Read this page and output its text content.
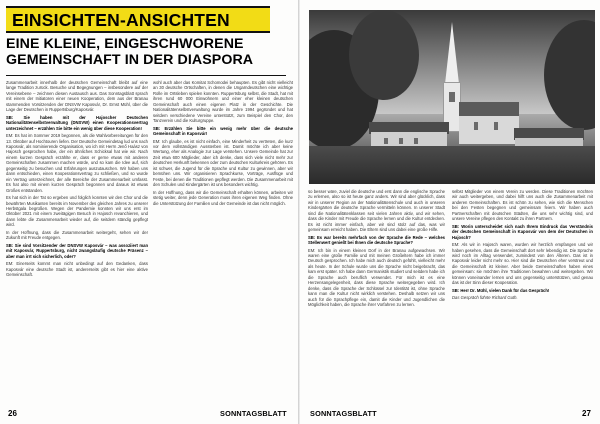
EINSICHTEN-ANSICHTEN
EINE KLEINE, EINGESCHWORENE
GEMEINSCHAFT IN DER DIASPORA

Zusammenarbeit innerhalb der deutschen Gemeinschaft bleibt auf eine lange Tradition zurück. Besuche und Begegnungen – insbesondere auf der Vereinsebene – zeichnen diesen Austausch aus. Das Sonntagsblatt sprach mit einem der Initiatoren einer neuen Kooperation, dem aus der Branau stammenden Vorsitzenden der DNSVW Kaposvár, Dr. Ernst Mühl, über die Lage der Deutschen in Ruppertsburg/Kaposvár.

SB: Sie haben mit der Hajoscher Deutschen Nationalitätenselbstverwaltung (DNSVW) einen Kooperationsvertrag unterzeichnet – erzählen Sie bitte ein wenig über diese Kooperation!

EM: Es hat im Sommer 2019 begonnen, als die Wahlvorbereitungen für den 13. Oktober auf Hochtouren liefen. Der Deutsche Gemeindetag lud uns nach Kaposvár, als nominierende Organisation, wo ich mit Herrn Jenő Haász von Hajosch gesprochen habe, der ein ähnliches Schicksal hat wie wir. Nach einem kurzen Gespräch erzählte er, dass er gerne etwas mit anderen Gemeinschaften zusammen machen würde, und so kam die Idee auf, sich gegenseitig zu besuchen und Erfahrungen auszutauschen. Wir haben uns dann entschieden, einen Kooperationsvertrag zu schließen, und so wurde ein Vertrag unterzeichnet, der alle Bereiche der Zusammenarbeit umfasst. Es hat also mit einem kurzen Gespräch begonnen und daraus ist etwas Großes entstanden.

Es hat sich in der Tat so ergeben und folglich konnten wir den Chor und die bewährten Musikanten bereits im November des gleichen Jahres zu unserer Herbstgala begrüßen. Wegen der Pandemie konnten wir uns erst im Oktober 2021 mit einem zweitägigen Besuch in Hajosch revanchieren, und dann lebte die Zusammenarbeit wieder auf, die seitdem ständig gepflegt wird.

In der Hoffnung, dass die Zusammenarbeit weitergeht, sehen wir der Zukunft mit Freude entgegen.

SB: Sie sind Vorsitzender der DNSVW Kaposvár – was assoziiert man mit Kaposvár, Ruppertsburg, nicht zwangsläufig deutsche Präsenz – aber man irrt sich sicherlich, oder?

EM: Einerseits kommt man nicht unbedingt auf den Gedanken, dass Kaposvár eine deutsche Stadt ist, andererseits gibt es hier eine aktive Gemeinschaft.

wohl auch aber das Komitat Schomodei behaupten. Es gibt nicht vielleicht an 30 deutsche Ortschaften, in denen die Ungarndeutschen eine wichtige Rolle im Ortsleben spielen konnten. Ruppertsburg selbst, die Stadt, hat mit ihren rund 60 000 Einwohnern und einer eher kleinen deutschen Gemeinschaft auch einen eigenen Platz in der Geschichte. Die Nationalitätenselbstverwaltung wurde im Jahre 1994 gegründet und hat seitdem verschiedene Vereine unterstützt, zum Beispiel den Chor, den Tanzverein und die Kulturgruppe.

SB: Erzählen Sie bitte ein wenig mehr über die deutsche Gemeinschaft in Kaposvár!

EM: Ich glaube, es ist nicht einfach, eine Minderheit zu vertreten, die kurz vor dem vollständigen Aussterben ist. Damit möchte ich aber keine Wertung, eher als Analogie zur Lage verstehen. Unsere Gemeinde hat zur Zeit etwa 600 Mitglieder, aber ich denke, dass sich viele nicht mehr zur deutschen Herkunft bekennen oder zum deutschen Kulturkreis gehören. Es ist schwer, die Jugend für die Sprache und Kultur zu gewinnen, aber wir bemühen uns. Wir organisieren Sprachkurse, Vorträge, Ausflüge und Feste, bei denen die Traditionen gepflegt werden. Die Zusammenarbeit mit den Schulen und Kindergärten ist uns besonders wichtig.

In der Hoffnung, dass wir die Gemeinschaft erhalten können, arbeiten wir stetig weiter, denn jede Generation muss ihren eigenen Weg finden. Ohne die Unterstützung der Familien und der Gemeinde ist das nicht möglich.

26	SONNTAGSBLATT

so besser wäre, zuviel die deutsche und erst dann die englische Sprache zu erlernen, also so ist heute ganz anders. Wir sind aber glücklich, dass wir in unserer Region an der Nationalitätenschule und auch in unseren Kindergärten die deutsche Sprache vermitteln können. In unserer Stadt sind die Nationalitätenklassen seit vielen Jahren aktiv, und wir sehen, dass die Kinder mit Freude die Sprache lernen und die Kultur entdecken. Es ist nicht immer einfach, aber wir sind stolz auf das, was wir gemeinsam erreicht haben. Die Eltern sind uns dabei eine große Hilfe.

SB: Es war bereits mehrfach von der Sprache die Rede – welches Stellenwert genießt bei Ihnen die deutsche Sprache?

EM: Ich bin in einem kleinen Dorf in der Branau aufgewachsen. Wir waren eine große Familie und mit meinen Großeltern habe ich immer Deutsch gesprochen. Ich habe mich auch deutsch gefühlt, vielleicht mehr als heute. In der Schule wurde uns die Sprache nicht beigebracht, das kam erst später. Ich habe dann Germanistik studiert und seitdem habe ich die Sprache auch beruflich verwendet. Für mich ist es eine Herzensangelegenheit, dass diese Sprache weitergegeben wird. Ich denke, dass die Sprache der Schlüssel zur Identität ist, ohne Sprache kann man die Kultur nicht wirklich verstehen. Deshalb setzen wir uns auch für die Sprachpflege ein, damit die Kinder und Jugendlichen die Möglichkeit haben, die Sprache ihrer Vorfahren zu lernen.

selbst Mitglieder von einem Verein zu werden. Diese Traditionen möchten wir auch weitergeben, und dabei hilft uns auch die Zusammenarbeit mit anderen Gemeinschaften. Es ist schön zu sehen, wie sich die Menschen bei den Festen begegnen und gemeinsam feiern. Wir haben auch Partnerschaften mit deutschen Städten, die uns sehr wichtig sind, und unsere Vereine pflegen den Kontakt zu ihren Partnern.

SB: Worin unterscheidet sich nach Ihrem Eindruck das Verständnis der deutschen Gemeinschaft in Kaposvár von dem der Deutschen in Hajosch?

EM: Als wir in Hajosch waren, wurden wir herzlich empfangen und wir haben gesehen, dass die Gemeinschaft dort sehr lebendig ist. Die Sprache wird noch im Alltag verwendet, zumindest von den Älteren. Das ist in Kaposvár leider nicht mehr so. Hier sind die Deutschen eher verstreut und die Gemeinschaft ist kleiner. Aber beide Gemeinschaften haben eines gemeinsam: sie möchten ihre Traditionen bewahren und weitergeben. Wir können voneinander lernen und uns gegenseitig unterstützen, und genau das ist der Sinn dieser Kooperation.

SB: Herr Dr. Mühl, vielen Dank für das Gespräch!

Das Gespräch führte Richard Guth.

SONNTAGSBLATT	27
